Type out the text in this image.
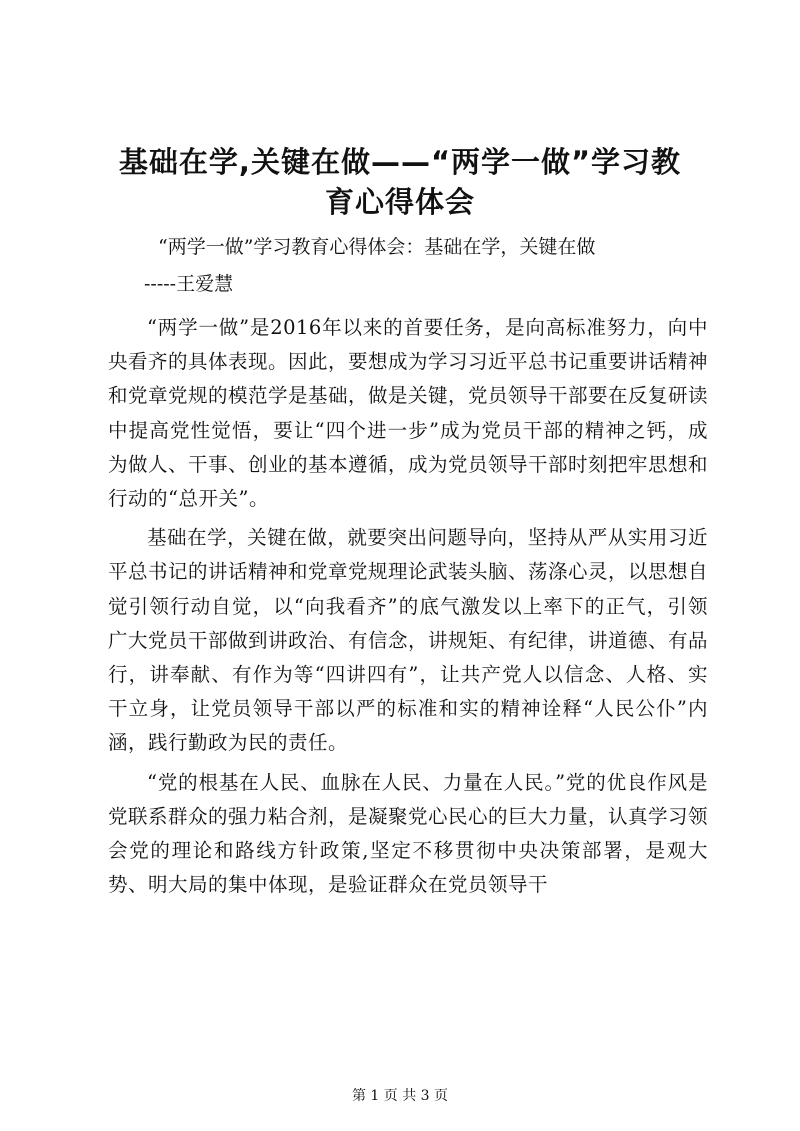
基础在学,关键在做——“两学一做”学习教
育心得体会
“两学一做”学习教育心得体会：基础在学，关键在做
-----王爱慧

“两学一做”是2016年以来的首要任务，是向高标准努力，向中央看齐的具体表现。因此，要想成为学习习近平总书记重要讲话精神和党章党规的模范学是基础，做是关键，党员领导干部要在反复研读中提高党性觉悟，要让“四个进一步”成为党员干部的精神之钙，成为做人、干事、创业的基本遵循，成为党员领导干部时刻把牢思想和行动的“总开关”。

基础在学，关键在做，就要突出问题导向，坚持从严从实用习近平总书记的讲话精神和党章党规理论武装头脑、荡涤心灵，以思想自觉引领行动自觉，以“向我看齐”的底气激发以上率下的正气，引领广大党员干部做到讲政治、有信念，讲规矩、有纪律，讲道德、有品行，讲奉献、有作为等“四讲四有”，让共产党人以信念、人格、实干立身，让党员领导干部以严的标准和实的精神诠释“人民公仆”内涵，践行勤政为民的责任。

“党的根基在人民、血脉在人民、力量在人民。”党的优良作风是党联系群众的强力粘合剂，是凝聚党心民心的巨大力量，认真学习领会党的理论和路线方针政策,坚定不移贯彻中央决策部署，是观大势、明大局的集中体现，是验证群众在党员领导干

第 1 页 共 3 页
